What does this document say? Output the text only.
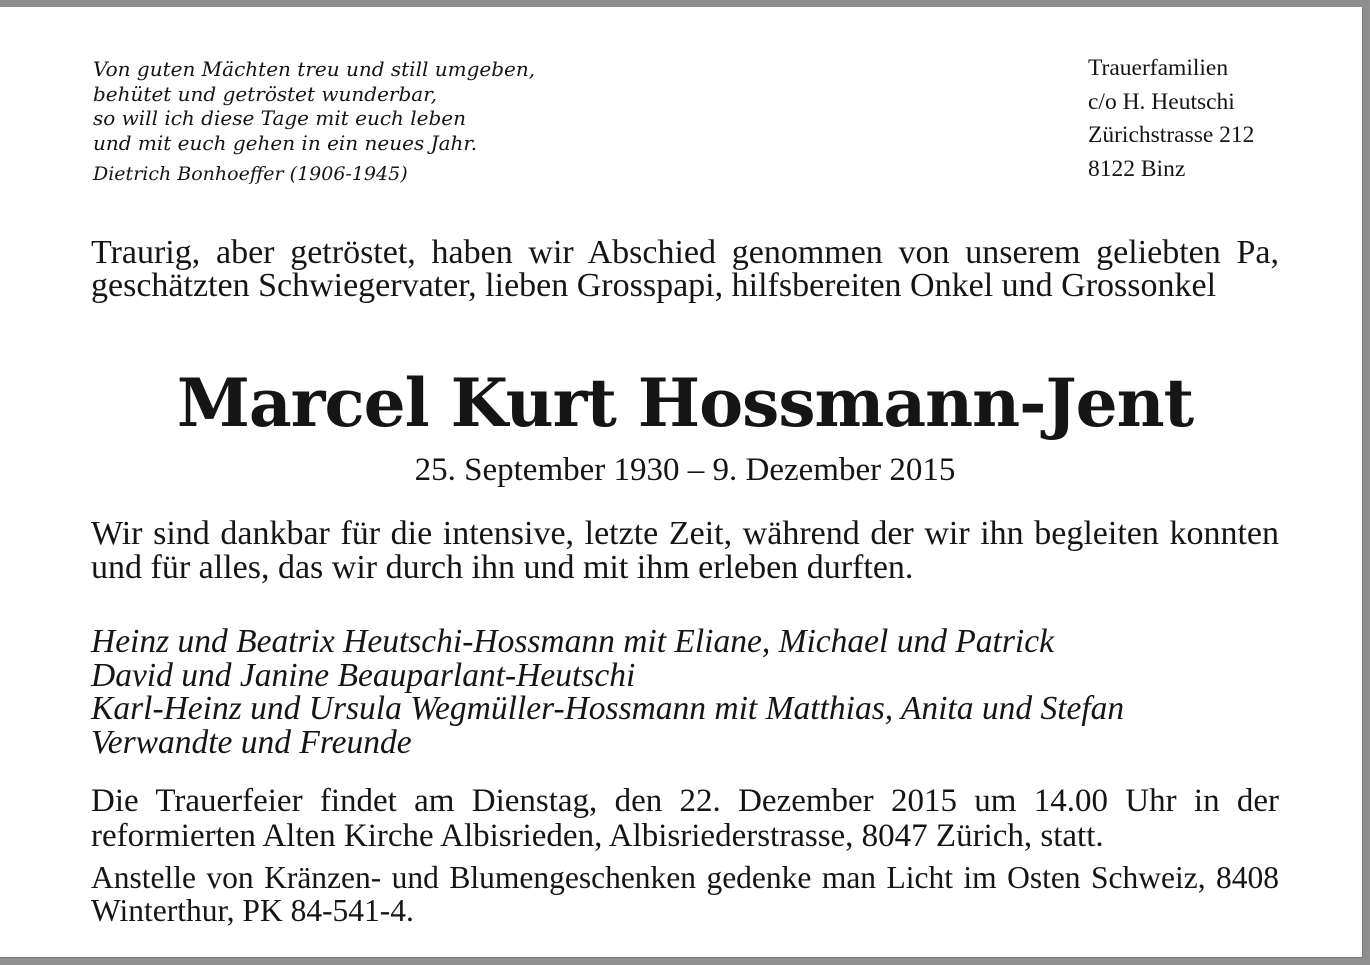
Von guten Mächten treu und still umgeben,
behütet und getröstet wunderbar,
so will ich diese Tage mit euch leben
und mit euch gehen in ein neues Jahr.
Dietrich Bonhoeffer (1906-1945)
Trauerfamilien
c/o H. Heutschi
Zürichstrasse 212
8122 Binz
Traurig, aber getröstet, haben wir Abschied genommen von unserem geliebten Pa, geschätzten Schwiegervater, lieben Grosspapi, hilfsbereiten Onkel und Grossonkel
Marcel Kurt Hossmann-Jent
25. September 1930 – 9. Dezember 2015
Wir sind dankbar für die intensive, letzte Zeit, während der wir ihn begleiten konnten und für alles, das wir durch ihn und mit ihm erleben durften.
Heinz und Beatrix Heutschi-Hossmann mit Eliane, Michael und Patrick
David und Janine Beauparlant-Heutschi
Karl-Heinz und Ursula Wegmüller-Hossmann mit Matthias, Anita und Stefan
Verwandte und Freunde
Die Trauerfeier findet am Dienstag, den 22. Dezember 2015 um 14.00 Uhr in der reformierten Alten Kirche Albisrieden, Albisriederstrasse, 8047 Zürich, statt.
Anstelle von Kränzen- und Blumengeschenken gedenke man Licht im Osten Schweiz, 8408 Winterthur, PK 84-541-4.
